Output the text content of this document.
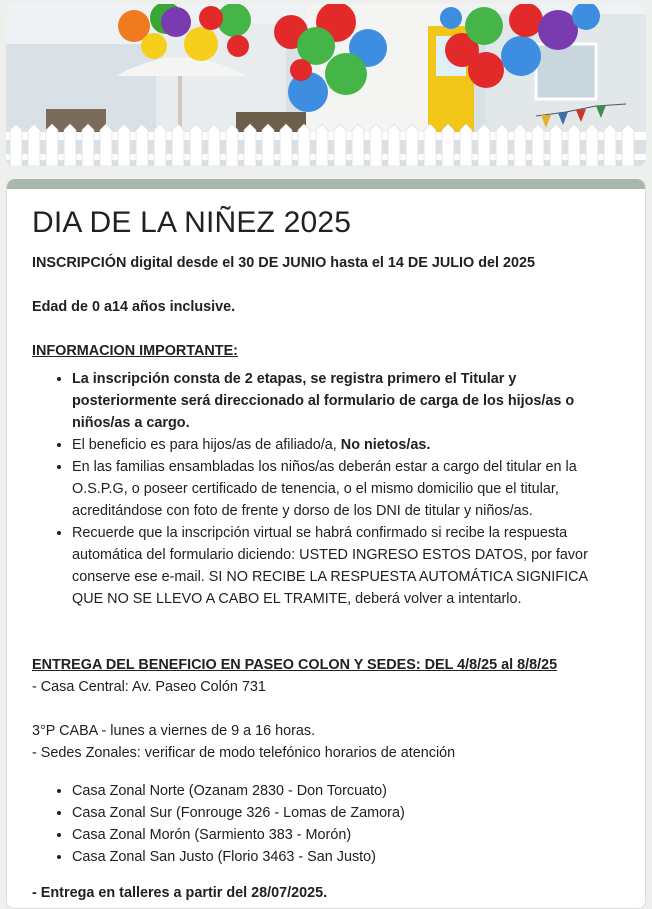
DIA DE LA NIÑEZ 2025

INSCRIPCIÓN digital desde el 30 DE JUNIO hasta el 14 DE JULIO del 2025

Edad de 0 a14 años inclusive.

INFORMACION IMPORTANTE:

• La inscripción consta de 2 etapas, se registra primero el Titular y posteriormente será direccionado al formulario de carga de los hijos/as o niños/as a cargo.
• El beneficio es para hijos/as de afiliado/a, No nietos/as.
• En las familias ensambladas los niños/as deberán estar a cargo del titular en la O.S.P.G, o poseer certificado de tenencia, o el mismo domicilio que el titular, acreditándose con foto de frente y dorso de los DNI de titular y niños/as.
• Recuerde que la inscripción virtual se habrá confirmado si recibe la respuesta automática del formulario diciendo: USTED INGRESO ESTOS DATOS, por favor conserve ese e-mail. SI NO RECIBE LA RESPUESTA AUTOMÁTICA SIGNIFICA QUE NO SE LLEVO A CABO EL TRAMITE, deberá volver a intentarlo.

ENTREGA DEL BENEFICIO EN PASEO COLON Y SEDES: DEL 4/8/25 al 8/8/25

- Casa Central: Av. Paseo Colón 731

3°P CABA - lunes a viernes de 9 a 16 horas.

- Sedes Zonales: verificar de modo telefónico horarios de atención

• Casa Zonal Norte (Ozanam 2830 - Don Torcuato)
• Casa Zonal Sur (Fonrouge 326 - Lomas de Zamora)
• Casa Zonal Morón (Sarmiento 383 - Morón)
• Casa Zonal San Justo (Florio 3463 - San Justo)

- Entrega en talleres a partir del 28/07/2025.
